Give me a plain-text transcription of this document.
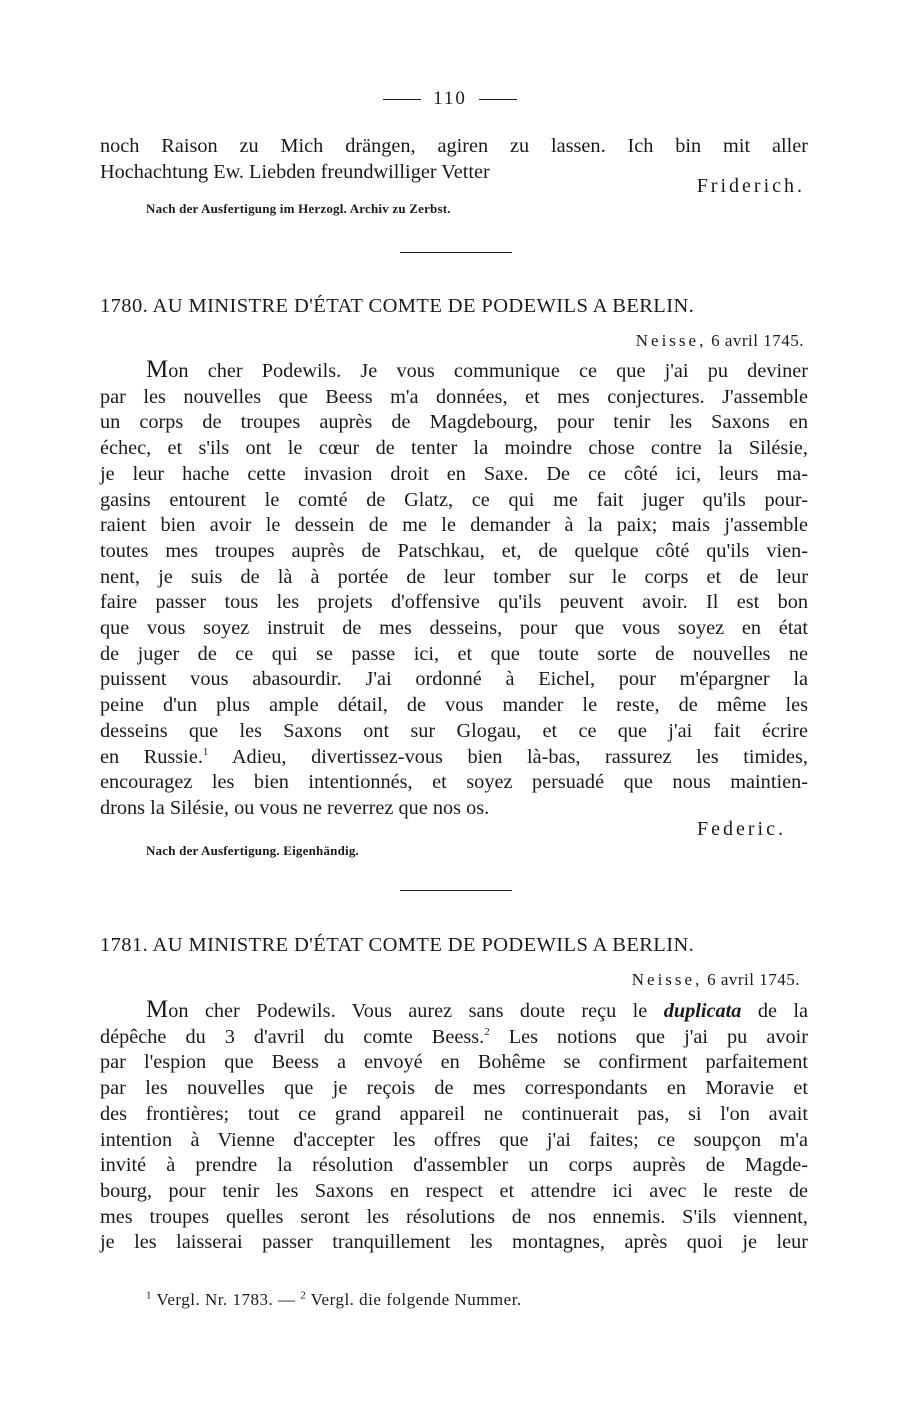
110
noch Raison zu Mich drängen, agiren zu lassen. Ich bin mit aller
Hochachtung Ew. Liebden freundwilliger Vetter
Friderich.
Nach der Ausfertigung im Herzogl. Archiv zu Zerbst.
1780. AU MINISTRE D'ÉTAT COMTE DE PODEWILS A BERLIN.
Neisse, 6 avril 1745.
Mon cher Podewils. Je vous communique ce que j'ai pu deviner
par les nouvelles que Beess m'a données, et mes conjectures. J'assemble
un corps de troupes auprès de Magdebourg, pour tenir les Saxons en
échec, et s'ils ont le cœur de tenter la moindre chose contre la Silésie,
je leur hache cette invasion droit en Saxe. De ce côté ici, leurs ma-
gasins entourent le comté de Glatz, ce qui me fait juger qu'ils pour-
raient bien avoir le dessein de me le demander à la paix; mais j'assemble
toutes mes troupes auprès de Patschkau, et, de quelque côté qu'ils vien-
nent, je suis de là à portée de leur tomber sur le corps et de leur
faire passer tous les projets d'offensive qu'ils peuvent avoir. Il est bon
que vous soyez instruit de mes desseins, pour que vous soyez en état
de juger de ce qui se passe ici, et que toute sorte de nouvelles ne
puissent vous abasourdir. J'ai ordonné à Eichel, pour m'épargner la
peine d'un plus ample détail, de vous mander le reste, de même les
desseins que les Saxons ont sur Glogau, et ce que j'ai fait écrire
en Russie.$^1$ Adieu, divertissez-vous bien là-bas, rassurez les timides,
encouragez les bien intentionnés, et soyez persuadé que nous maintien-
drons la Silésie, ou vous ne reverrez que nos os.
Federic.
Nach der Ausfertigung. Eigenhändig.
1781. AU MINISTRE D'ÉTAT COMTE DE PODEWILS A BERLIN.
Neisse, 6 avril 1745.
Mon cher Podewils. Vous aurez sans doute reçu le duplicata de la
dépêche du 3 d'avril du comte Beess.$^2$ Les notions que j'ai pu avoir
par l'espion que Beess a envoyé en Bohême se confirment parfaitement
par les nouvelles que je reçois de mes correspondants en Moravie et
des frontières; tout ce grand appareil ne continuerait pas, si l'on avait
intention à Vienne d'accepter les offres que j'ai faites; ce soupçon m'a
invité à prendre la résolution d'assembler un corps auprès de Magde-
bourg, pour tenir les Saxons en respect et attendre ici avec le reste de
mes troupes quelles seront les résolutions de nos ennemis. S'ils viennent,
je les laisserai passer tranquillement les montagnes, après quoi je leur
$^1$ Vergl. Nr. 1783. — $^2$ Vergl. die folgende Nummer.
